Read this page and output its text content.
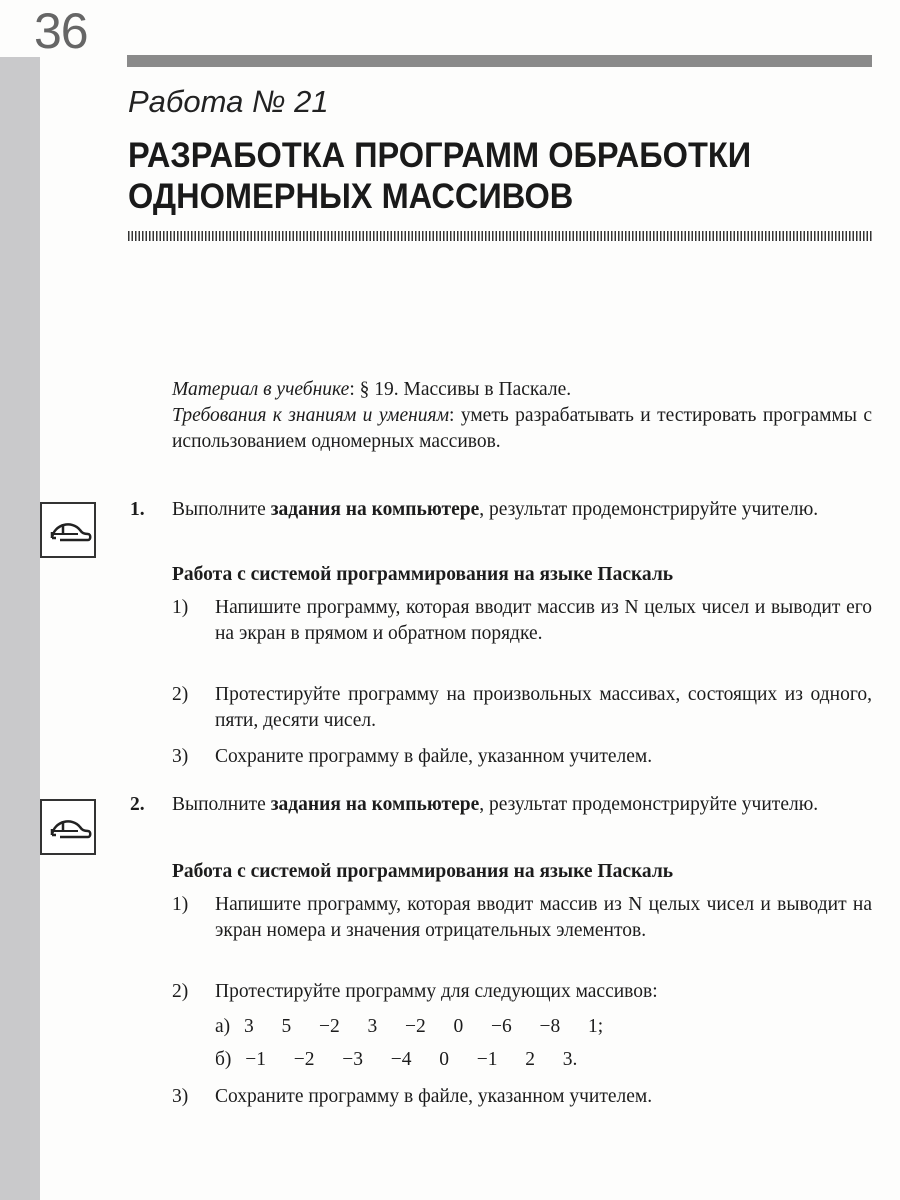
36
Работа № 21
РАЗРАБОТКА ПРОГРАММ ОБРАБОТКИ
ОДНОМЕРНЫХ МАССИВОВ

Материал в учебнике: § 19. Массивы в Паскале.

Требования к знаниям и умениям: уметь разрабатывать и тестировать программы с использованием одномерных массивов.

1. Выполните задания на компьютере, результат продемонстрируйте учителю.
Работа с системой программирования на языке Паскаль
1) Напишите программу, которая вводит массив из N целых чисел и выводит его на экран в прямом и обратном порядке.
2) Протестируйте программу на произвольных массивах, состоящих из одного, пяти, десяти чисел.
3) Сохраните программу в файле, указанном учителем.
2. Выполните задания на компьютере, результат продемонстрируйте учителю.
Работа с системой программирования на языке Паскаль
1) Напишите программу, которая вводит массив из N целых чисел и выводит на экран номера и значения отрицательных элементов.
2) Протестируйте программу для следующих массивов:
а) 3  5  −2  3  −2  0  −6  −8  1;
б) −1  −2  −3  −4  0  −1  2  3.
3) Сохраните программу в файле, указанном учителем.
